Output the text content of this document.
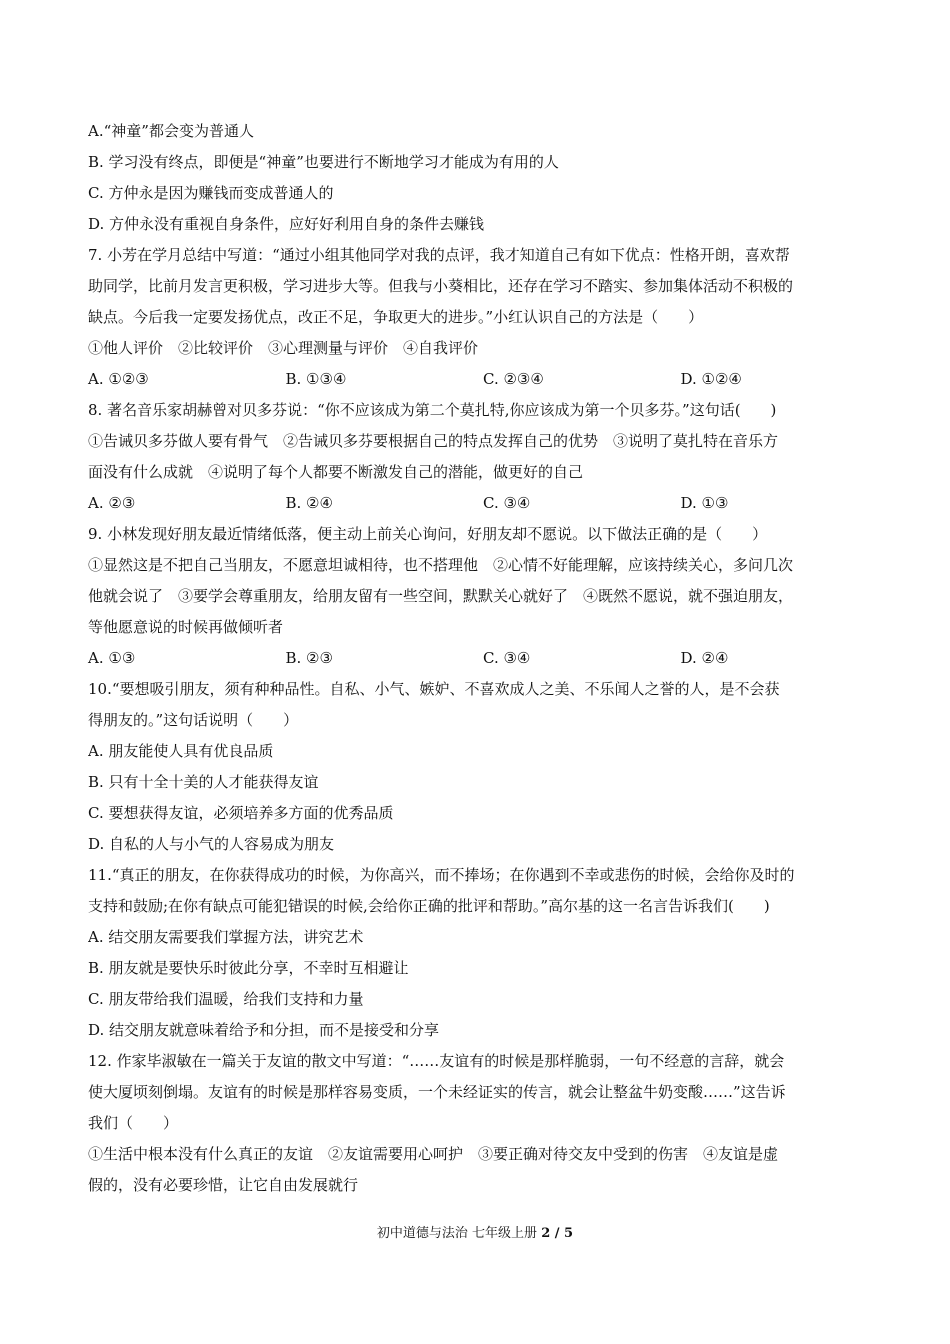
A.“神童”都会变为普通人
B. 学习没有终点，即便是“神童”也要进行不断地学习才能成为有用的人
C. 方仲永是因为赚钱而变成普通人的
D. 方仲永没有重视自身条件，应好好利用自身的条件去赚钱
7. 小芳在学月总结中写道：“通过小组其他同学对我的点评，我才知道自己有如下优点：性格开朗，喜欢帮
助同学，比前月发言更积极，学习进步大等。但我与小葵相比，还存在学习不踏实、参加集体活动不积极的
缺点。今后我一定要发扬优点，改正不足，争取更大的进步。”小红认识自己的方法是（　　）
①他人评价　②比较评价　③心理测量与评价　④自我评价
A. ①②③	B. ①③④	C. ②③④	D. ①②④
8. 著名音乐家胡赫曾对贝多芬说：“你不应该成为第二个莫扎特,你应该成为第一个贝多芬。”这句话(　　)
①告诫贝多芬做人要有骨气　②告诫贝多芬要根据自己的特点发挥自己的优势　③说明了莫扎特在音乐方
面没有什么成就　④说明了每个人都要不断激发自己的潜能，做更好的自己
A. ②③	B. ②④	C. ③④	D. ①③
9. 小林发现好朋友最近情绪低落，便主动上前关心询问，好朋友却不愿说。以下做法正确的是（　　）
①显然这是不把自己当朋友，不愿意坦诚相待，也不搭理他　②心情不好能理解，应该持续关心，多问几次
他就会说了　③要学会尊重朋友，给朋友留有一些空间，默默关心就好了　④既然不愿说，就不强迫朋友，
等他愿意说的时候再做倾听者
A. ①③	B. ②③	C. ③④	D. ②④
10.“要想吸引朋友，须有种种品性。自私、小气、嫉妒、不喜欢成人之美、不乐闻人之誉的人，是不会获
得朋友的。”这句话说明（　　）
A. 朋友能使人具有优良品质
B. 只有十全十美的人才能获得友谊
C. 要想获得友谊，必须培养多方面的优秀品质
D. 自私的人与小气的人容易成为朋友
11.“真正的朋友，在你获得成功的时候，为你高兴，而不捧场；在你遇到不幸或悲伤的时候，会给你及时的
支持和鼓励;在你有缺点可能犯错误的时候,会给你正确的批评和帮助。”高尔基的这一名言告诉我们(　　)
A. 结交朋友需要我们掌握方法，讲究艺术
B. 朋友就是要快乐时彼此分享，不幸时互相避让
C. 朋友带给我们温暖，给我们支持和力量
D. 结交朋友就意味着给予和分担，而不是接受和分享
12. 作家毕淑敏在一篇关于友谊的散文中写道：“……友谊有的时候是那样脆弱，一句不经意的言辞，就会
使大厦顷刻倒塌。友谊有的时候是那样容易变质，一个未经证实的传言，就会让整盆牛奶变酸……”这告诉
我们（　　）
①生活中根本没有什么真正的友谊　②友谊需要用心呵护　③要正确对待交友中受到的伤害　④友谊是虚
假的，没有必要珍惜，让它自由发展就行
初中道德与法治 七年级上册 2 / 5
